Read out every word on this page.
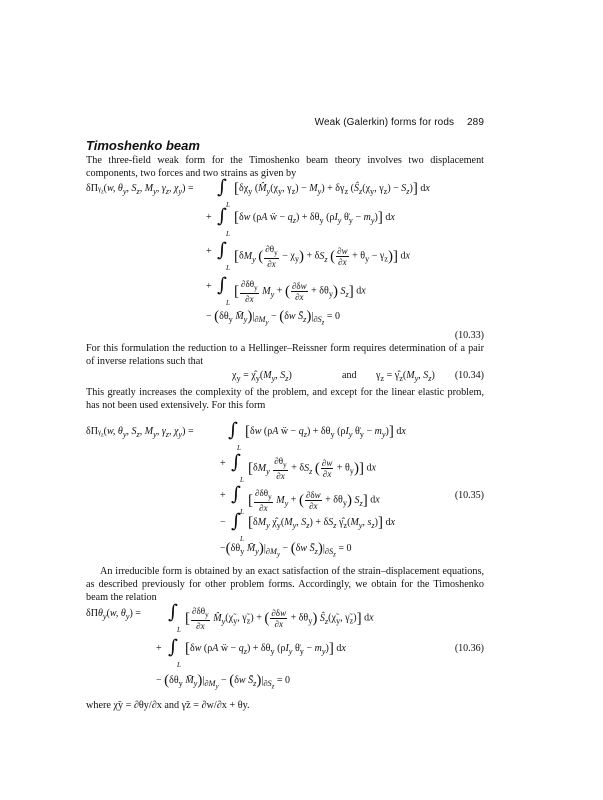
Weak (Galerkin) forms for rods 289
Timoshenko beam
The three-field weak form for the Timoshenko beam theory involves two displacement components, two forces and two strains as given by
δΠγ$_z$(w, $\theta_y$, $S_z$, $M_y$, $\gamma_z$, $\chi_y$) = ∫
L
[$\delta\chi_y$ ($M̂_y(\chi_y$, $\gamma_z) - M_y) + \delta\gamma_z$ ($Ŝ_z(\chi_y$, $\gamma_z) - S_z$)] dx
+ ∫
L
[δw (ρA ẅ − $q_z) + \delta\theta_y$ ($\rho I_y$ $\thetä_y - m_y$)] dx
+ ∫
L
[$\delta M_y$ ( $\frac{\partial\theta_y}{\partial x} - \chi_y) + \delta S_z$ ( $\frac{\partial w}{\partial x} + \theta_y - \gamma_z$)] dx
+ ∫
L
[ $\frac{\partial\delta\theta_y}{\partial x} M_y$ + ( $\frac{\partial\delta w}{\partial x} + \delta\theta_y$) $S_z$] dx
− ($\delta\theta_y$ $M̄_y)|_{\partial M_y} - (\delta w$ $S̄_z)|_{\partial S_z} = 0$
(10.33)
For this formulation the reduction to a Hellinger–Reissner form requires determination of a pair of inverse relations such that
$\chi_y$ = $\chî_y(M_y$, $S_z$)	and $\gamma_z$ = $\gammâ_z(M_y$, $S_z$) (10.34)
This greatly increases the complexity of the problem, and except for the linear elastic problem, has not been used extensively. For this form
δΠγ$_z$(w, $\theta_y$, $S_z$, $M_y$, $\gamma_z$, $\chi_y$) = ∫
L
[δw (ρA ẅ − $q_z) + \delta\theta_y$ ($\rho I_y$ $\thetä_y - m_y$)] dx
+ ∫
L
[$\delta M_y \frac{\partial\theta_y}{\partial x} + \delta S_z$ ( $\frac{\partial w}{\partial x} + \theta_y$)] dx
+ ∫
L
[ $\frac{\partial\delta\theta_y}{\partial x} M_y$ + ( $\frac{\partial\delta w}{\partial x} + \delta\theta_y$) $S_z$] dx	(10.35)
− ∫
L
[$\delta M_y$ $\chî_y(M_y$, $S_z) + \delta S_z$ $\gammâ_z(M_y$, $s_z$)] dx
$-(\delta\theta_y$ $M̄_y)|_{\partial M_y} - (\delta w$ $S̄_z)|_{\partial S_z} = 0$
An irreducible form is obtained by an exact satisfaction of the strain–displacement equations, as described previously for other problem forms. Accordingly, we obtain for the Timoshenko beam the relation
δΠθ$_y$(w, $\theta_y$) = ∫
L
[ $\frac{\partial\delta\theta_y}{\partial x}$ $M̂_y(\chĩ_y$, $\gammã_z$) + ( $\frac{\partial\delta w}{\partial x} + \delta\theta_y$) $Ŝ_z(\chĩ_y$, $\gammã_z$)] dx
+ ∫
L
[δw (ρA ẅ − $q_z) + \delta\theta_y$ ($\rho I_y$ $\thetä_y - m_y$)] dx	(10.36)
− ($\delta\theta_y$ $M̄_y)|_{\partial M_y} - (\delta w$ $S̄_z)|_{\partial S_z} = 0$
where χ̃y = ∂θy/∂x and γ̃z = ∂w/∂x + θy.
